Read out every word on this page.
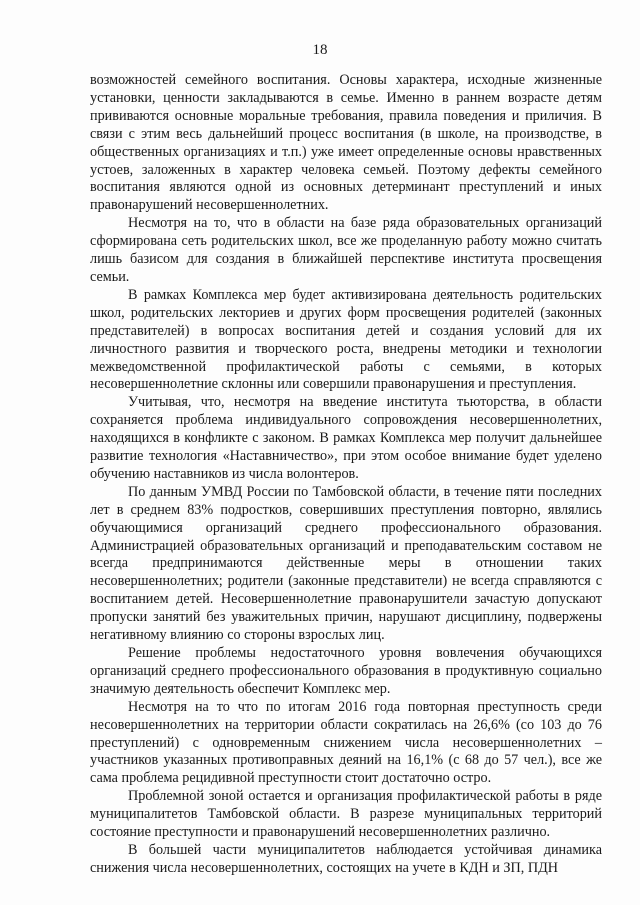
18

возможностей семейного воспитания. Основы характера, исходные жизненные установки, ценности закладываются в семье. Именно в раннем возрасте детям прививаются основные моральные требования, правила поведения и приличия. В связи с этим весь дальнейший процесс воспитания (в школе, на производстве, в общественных организациях и т.п.) уже имеет определенные основы нравственных устоев, заложенных в характер человека семьей. Поэтому дефекты семейного воспитания являются одной из основных детерминант преступлений и иных правонарушений несовершеннолетних.

Несмотря на то, что в области на базе ряда образовательных организаций сформирована сеть родительских школ, все же проделанную работу можно считать лишь базисом для создания в ближайшей перспективе института просвещения семьи.

В рамках Комплекса мер будет активизирована деятельность родительских школ, родительских лекториев и других форм просвещения родителей (законных представителей) в вопросах воспитания детей и создания условий для их личностного развития и творческого роста, внедрены методики и технологии межведомственной профилактической работы с семьями, в которых несовершеннолетние склонны или совершили правонарушения и преступления.

Учитывая, что, несмотря на введение института тьюторства, в области сохраняется проблема индивидуального сопровождения несовершеннолетних, находящихся в конфликте с законом. В рамках Комплекса мер получит дальнейшее развитие технология «Наставничество», при этом особое внимание будет уделено обучению наставников из числа волонтеров.

По данным УМВД России по Тамбовской области, в течение пяти последних лет в среднем 83% подростков, совершивших преступления повторно, являлись обучающимися организаций среднего профессионального образования. Администрацией образовательных организаций и преподавательским составом не всегда предпринимаются действенные меры в отношении таких несовершеннолетних; родители (законные представители) не всегда справляются с воспитанием детей. Несовершеннолетние правонарушители зачастую допускают пропуски занятий без уважительных причин, нарушают дисциплину, подвержены негативному влиянию со стороны взрослых лиц.

Решение проблемы недостаточного уровня вовлечения обучающихся организаций среднего профессионального образования в продуктивную социально значимую деятельность обеспечит Комплекс мер.

Несмотря на то что по итогам 2016 года повторная преступность среди несовершеннолетних на территории области сократилась на 26,6% (со 103 до 76 преступлений) с одновременным снижением числа несовершеннолетних – участников указанных противоправных деяний на 16,1% (с 68 до 57 чел.), все же сама проблема рецидивной преступности стоит достаточно остро.

Проблемной зоной остается и организация профилактической работы в ряде муниципалитетов Тамбовской области. В разрезе муниципальных территорий состояние преступности и правонарушений несовершеннолетних различно.

В большей части муниципалитетов наблюдается устойчивая динамика снижения числа несовершеннолетних, состоящих на учете в КДН и ЗП, ПДН
